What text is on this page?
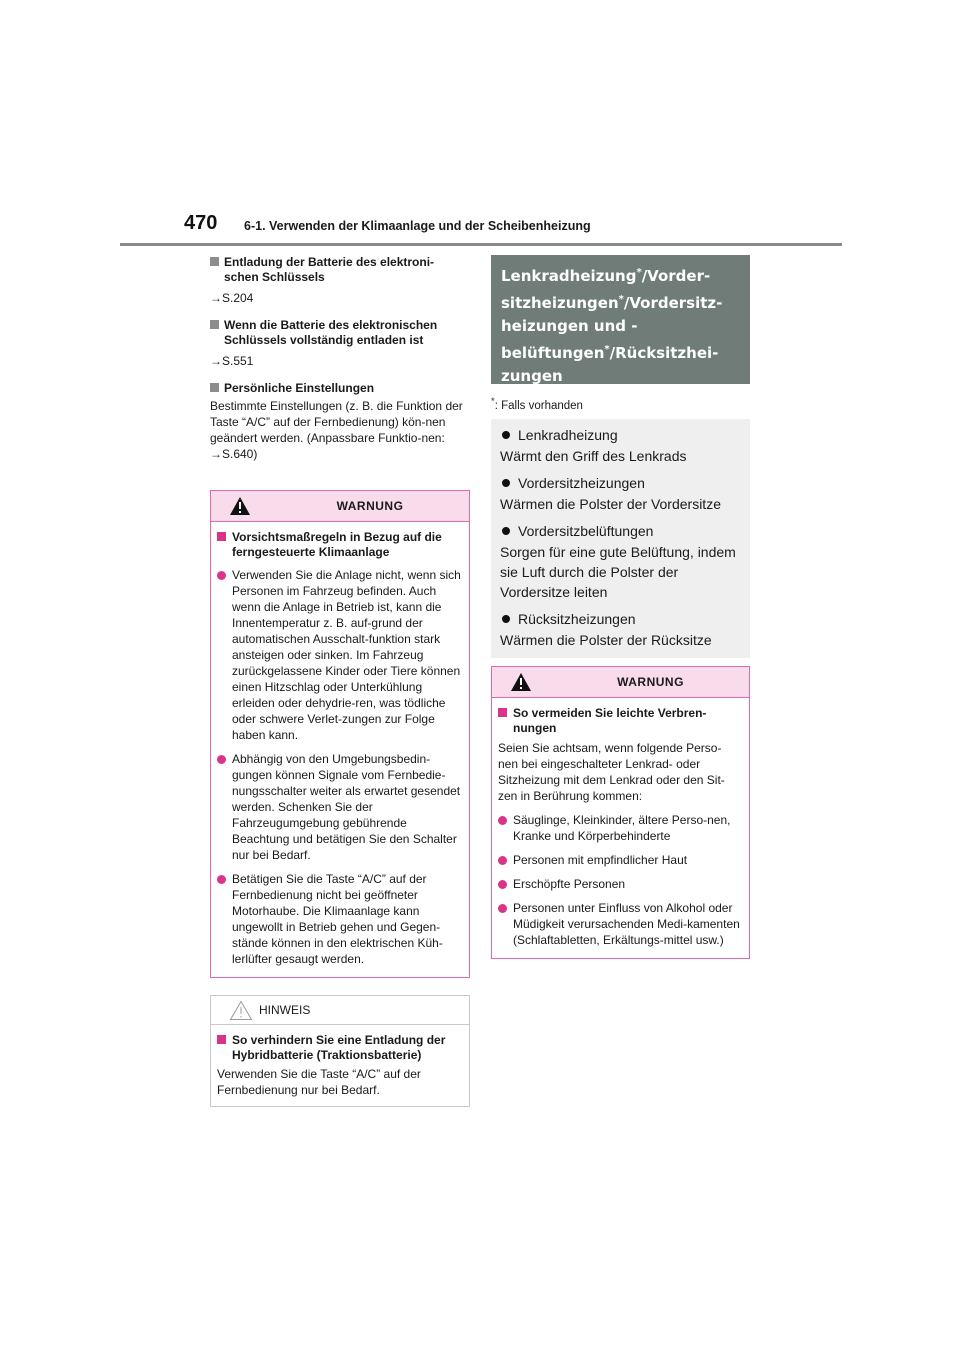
470 6-1. Verwenden der Klimaanlage und der Scheibenheizung
Entladung der Batterie des elektroni-
schen Schlüssels
→S.204
Wenn die Batterie des elektronischen
Schlüssels vollständig entladen ist
→S.551
Persönliche Einstellungen
Bestimmte Einstellungen (z. B. die Funktion der Taste “A/C” auf der Fernbedienung) kön-nen geändert werden. (Anpassbare Funktio-nen: →S.640)
WARNUNG
Vorsichtsmaßregeln in Bezug auf die ferngesteuerte Klimaanlage
Verwenden Sie die Anlage nicht, wenn sich Personen im Fahrzeug befinden. Auch wenn die Anlage in Betrieb ist, kann die Innentemperatur z. B. auf-grund der automatischen Ausschalt-funktion stark ansteigen oder sinken. Im Fahrzeug zurückgelassene Kinder oder Tiere können einen Hitzschlag oder Unterkühlung erleiden oder dehydrie-ren, was tödliche oder schwere Verlet-zungen zur Folge haben kann.
Abhängig von den Umgebungsbedin-gungen können Signale vom Fernbedie-nungsschalter weiter als erwartet gesendet werden. Schenken Sie der Fahrzeugumgebung gebührende Beachtung und betätigen Sie den Schalter nur bei Bedarf.
Betätigen Sie die Taste “A/C” auf der Fernbedienung nicht bei geöffneter Motorhaube. Die Klimaanlage kann ungewollt in Betrieb gehen und Gegen-stände können in den elektrischen Küh-lerlüfter gesaugt werden.
HINWEIS
So verhindern Sie eine Entladung der Hybridbatterie (Traktionsbatterie)
Verwenden Sie die Taste “A/C” auf der Fernbedienung nur bei Bedarf.
Lenkradheizung*/Vorder-sitzheizungen*/Vordersitz-heizungen und -belüftungen*/Rücksitzhei-zungen
*: Falls vorhanden
Lenkradheizung
Wärmt den Griff des Lenkrads
Vordersitzheizungen
Wärmen die Polster der Vordersitze
Vordersitzbelüftungen
Sorgen für eine gute Belüftung, indem sie Luft durch die Polster der Vordersitze leiten
Rücksitzheizungen
Wärmen die Polster der Rücksitze
WARNUNG
So vermeiden Sie leichte Verbren-nungen
Seien Sie achtsam, wenn folgende Perso-nen bei eingeschalteter Lenkrad- oder Sitzheizung mit dem Lenkrad oder den Sit-zen in Berührung kommen:
Säuglinge, Kleinkinder, ältere Perso-nen, Kranke und Körperbehinderte
Personen mit empfindlicher Haut
Erschöpfte Personen
Personen unter Einfluss von Alkohol oder Müdigkeit verursachenden Medi-kamenten (Schlaftabletten, Erkältungs-mittel usw.)
